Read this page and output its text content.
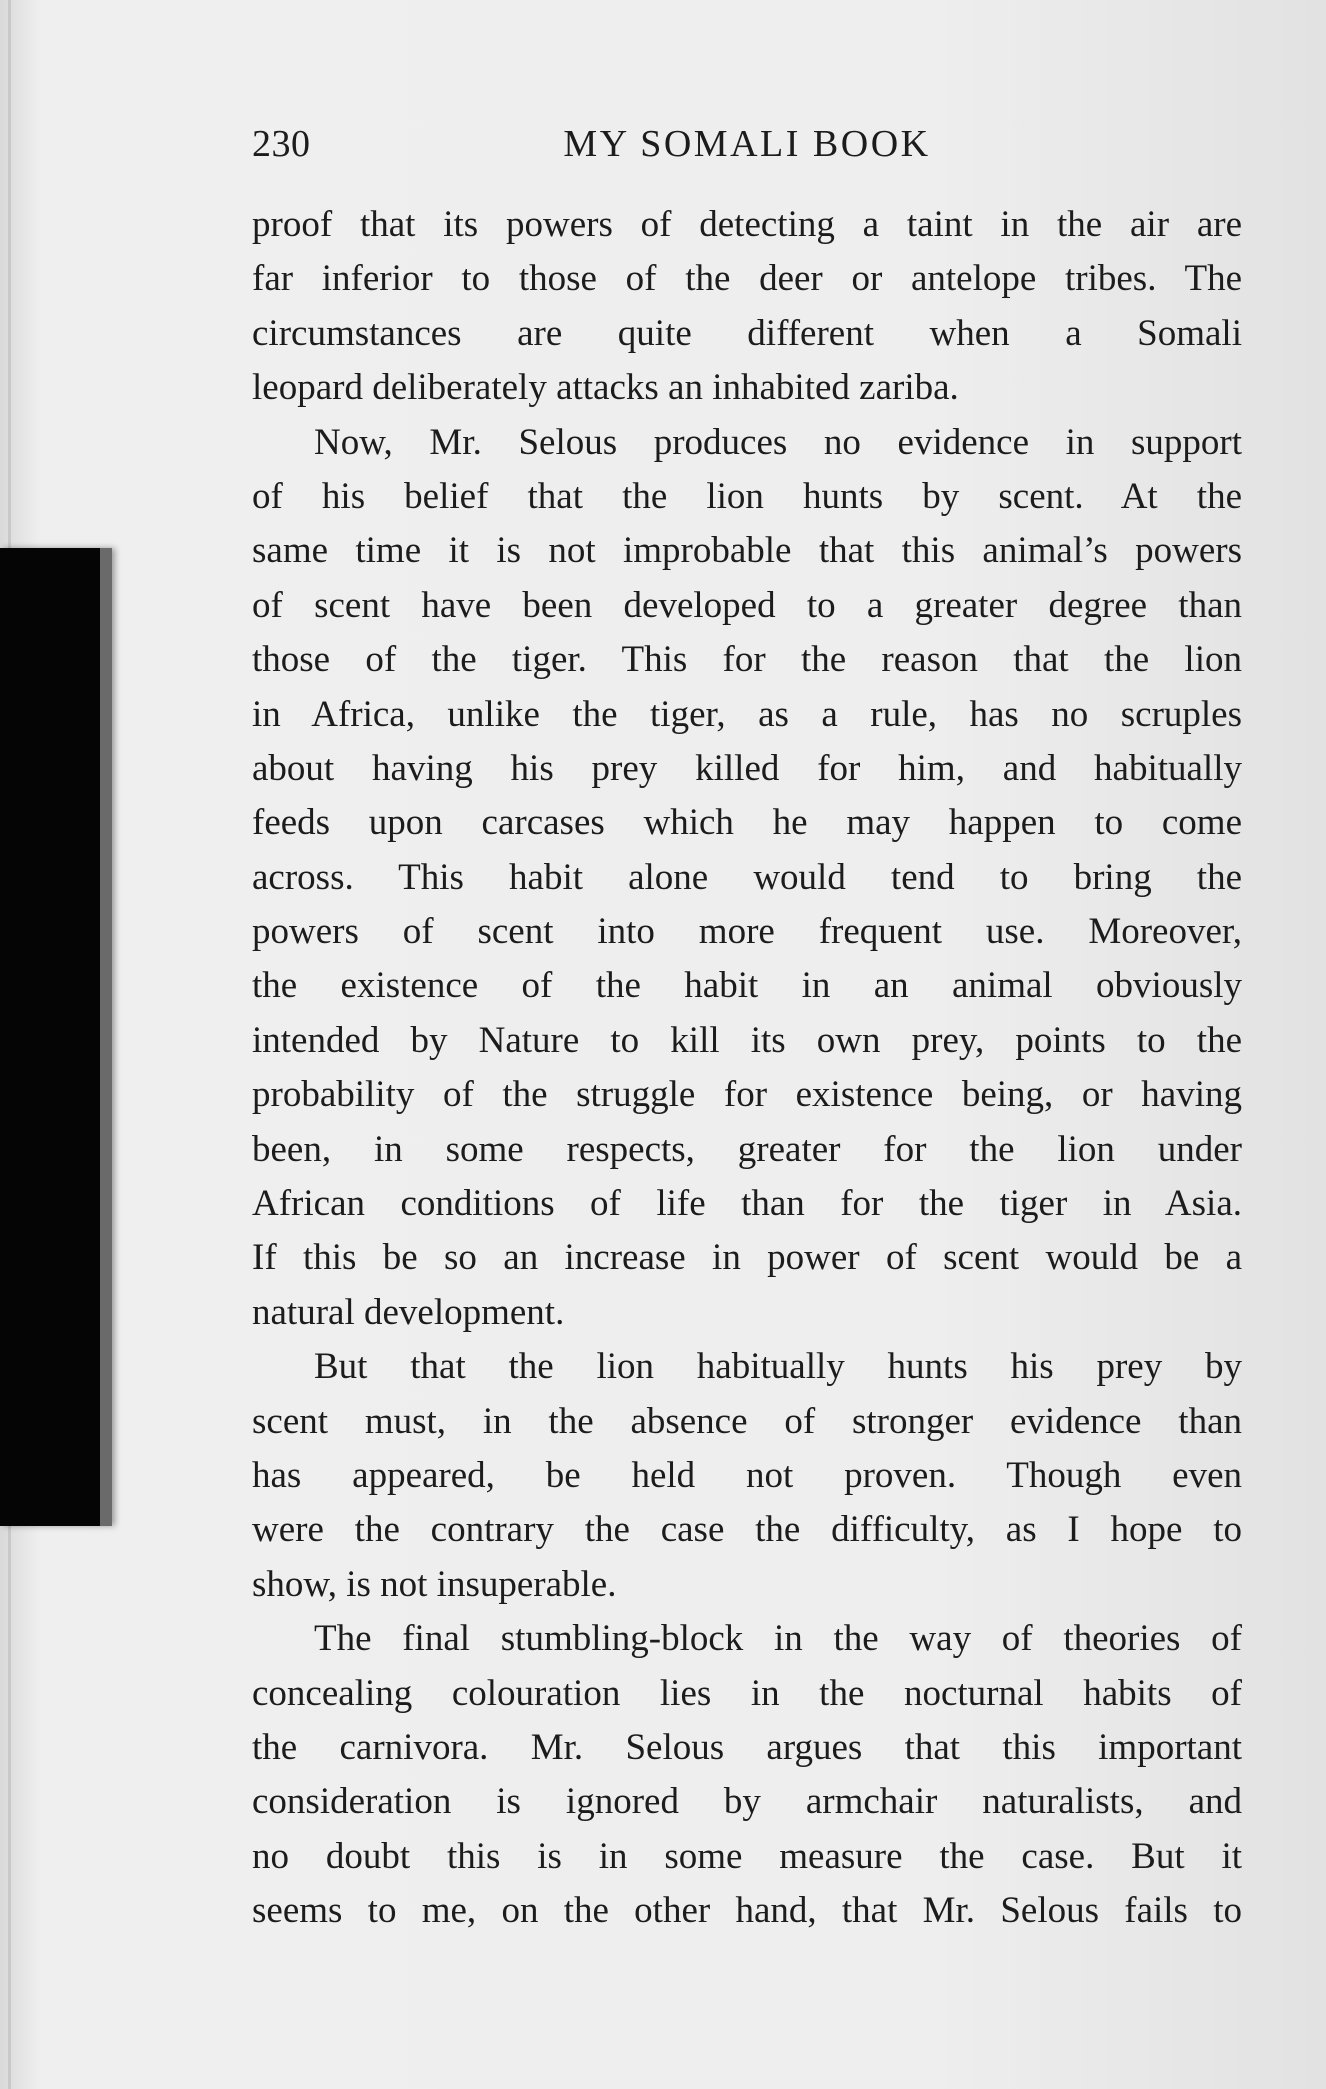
230	MY SOMALI BOOK
proof that its powers of detecting a taint in the air are
far inferior to those of the deer or antelope tribes. The
circumstances are quite different when a Somali
leopard deliberately attacks an inhabited zariba.
Now, Mr. Selous produces no evidence in support
of his belief that the lion hunts by scent. At the
same time it is not improbable that this animal’s powers
of scent have been developed to a greater degree than
those of the tiger. This for the reason that the lion
in Africa, unlike the tiger, as a rule, has no scruples
about having his prey killed for him, and habitually
feeds upon carcases which he may happen to come
across. This habit alone would tend to bring the
powers of scent into more frequent use. Moreover,
the existence of the habit in an animal obviously
intended by Nature to kill its own prey, points to the
probability of the struggle for existence being, or having
been, in some respects, greater for the lion under
African conditions of life than for the tiger in Asia.
If this be so an increase in power of scent would be a
natural development.
But that the lion habitually hunts his prey by
scent must, in the absence of stronger evidence than
has appeared, be held not proven. Though even
were the contrary the case the difficulty, as I hope to
show, is not insuperable.
The final stumbling-block in the way of theories of
concealing colouration lies in the nocturnal habits of
the carnivora. Mr. Selous argues that this important
consideration is ignored by armchair naturalists, and
no doubt this is in some measure the case. But it
seems to me, on the other hand, that Mr. Selous fails to
